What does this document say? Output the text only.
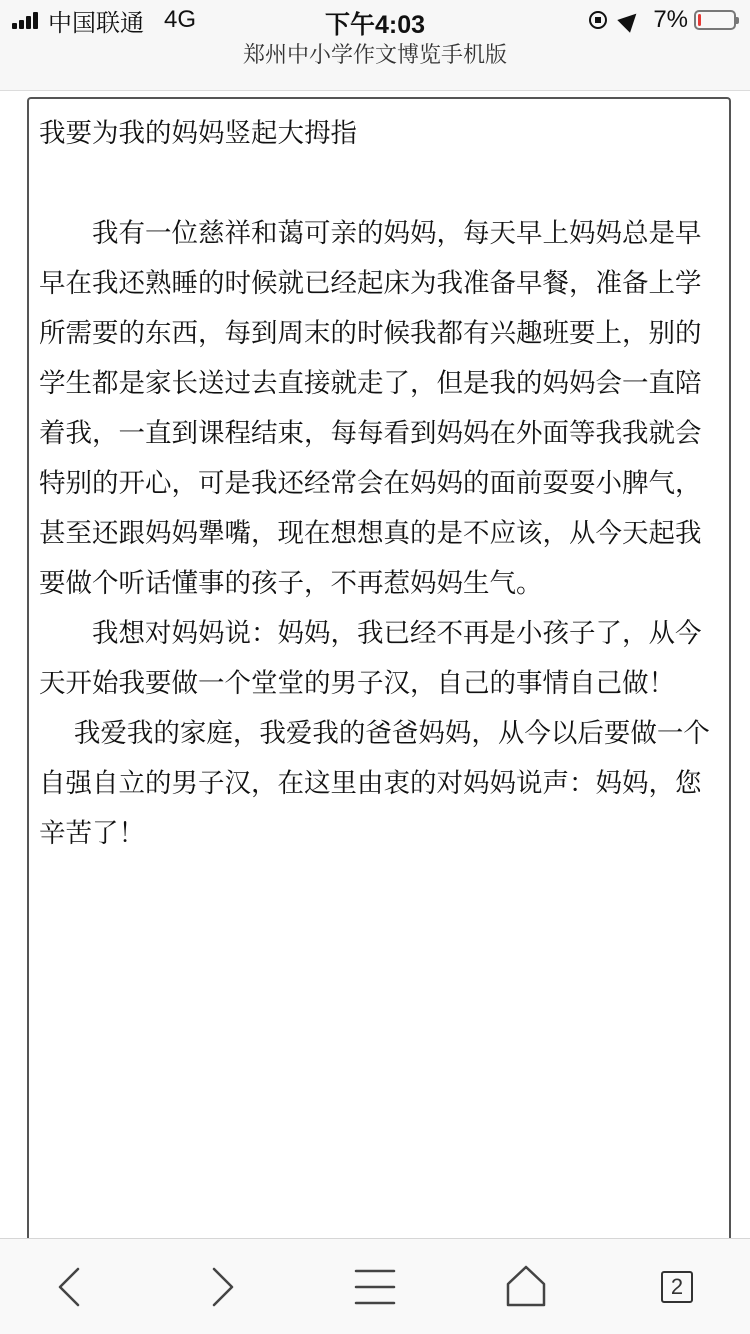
中国联通 4G	下午4:03	7%
郑州中小学作文博览手机版

我要为我的妈妈竖起大拇指

　　我有一位慈祥和蔼可亲的妈妈，每天早上妈妈总是早早在我还熟睡的时候就已经起床为我准备早餐，准备上学所需要的东西，每到周末的时候我都有兴趣班要上，别的学生都是家长送过去直接就走了，但是我的妈妈会一直陪着我，一直到课程结束，每每看到妈妈在外面等我我就会特别的开心，可是我还经常会在妈妈的面前耍耍小脾气，甚至还跟妈妈犟嘴，现在想想真的是不应该，从今天起我要做个听话懂事的孩子，不再惹妈妈生气。

　　我想对妈妈说：妈妈，我已经不再是小孩子了，从今天开始我要做一个堂堂的男子汉，自己的事情自己做！

　 我爱我的家庭，我爱我的爸爸妈妈，从今以后要做一个自强自立的男子汉，在这里由衷的对妈妈说声：妈妈，您辛苦了！

2
